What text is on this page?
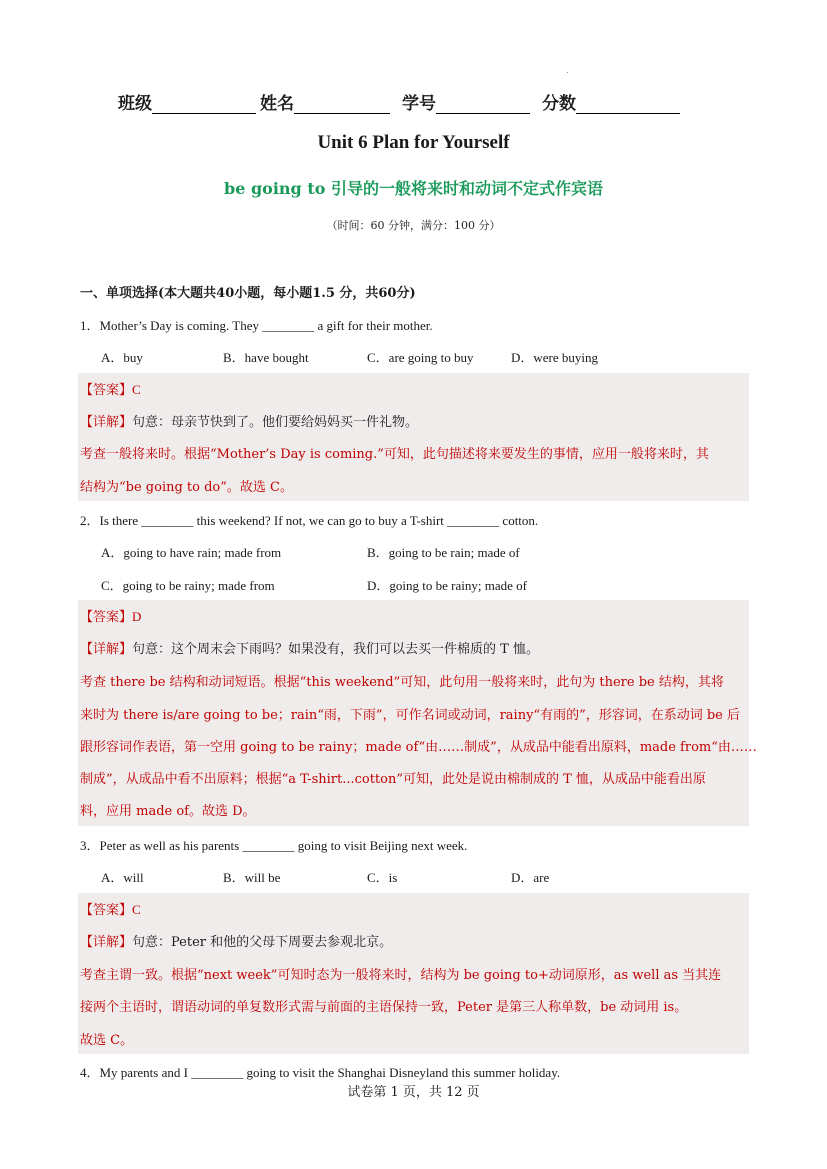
.
班级	姓名	学号	分数
Unit 6 Plan for Yourself
be going to 引导的一般将来时和动词不定式作宾语
（时间：60 分钟，满分：100 分）
一、单项选择(本大题共40小题，每小题1.5 分，共60分)
1．Mother’s Day is coming. They ________ a gift for their mother.
A．buy	B．have bought	C．are going to buy	D．were buying
【答案】C
【详解】句意：母亲节快到了。他们要给妈妈买一件礼物。
考查一般将来时。根据“Mother’s Day is coming.”可知，此句描述将来要发生的事情，应用一般将来时，其
结构为“be going to do”。故选 C。
2．Is there ________ this weekend? If not, we can go to buy a T-shirt ________ cotton.
A．going to have rain; made from	B．going to be rain; made of
C．going to be rainy; made from	D．going to be rainy; made of
【答案】D
【详解】句意：这个周末会下雨吗？如果没有，我们可以去买一件棉质的 T 恤。
考查 there be 结构和动词短语。根据“this weekend”可知，此句用一般将来时，此句为 there be 结构，其将
来时为 there is/are going to be；rain“雨，下雨”，可作名词或动词，rainy“有雨的”，形容词，在系动词 be 后
跟形容词作表语，第一空用 going to be rainy；made of“由……制成”，从成品中能看出原料，made from“由……
制成”，从成品中看不出原料；根据“a T-shirt...cotton”可知，此处是说由棉制成的 T 恤，从成品中能看出原
料，应用 made of。故选 D。
3．Peter as well as his parents ________ going to visit Beijing next week.
A．will	B．will be	C．is	D．are
【答案】C
【详解】句意：Peter 和他的父母下周要去参观北京。
考查主谓一致。根据“next week”可知时态为一般将来时，结构为 be going to+动词原形，as well as 当其连
接两个主语时，谓语动词的单复数形式需与前面的主语保持一致，Peter 是第三人称单数，be 动词用 is。
故选 C。
4．My parents and I ________ going to visit the Shanghai Disneyland this summer holiday.
试卷第 1 页，共 12 页
